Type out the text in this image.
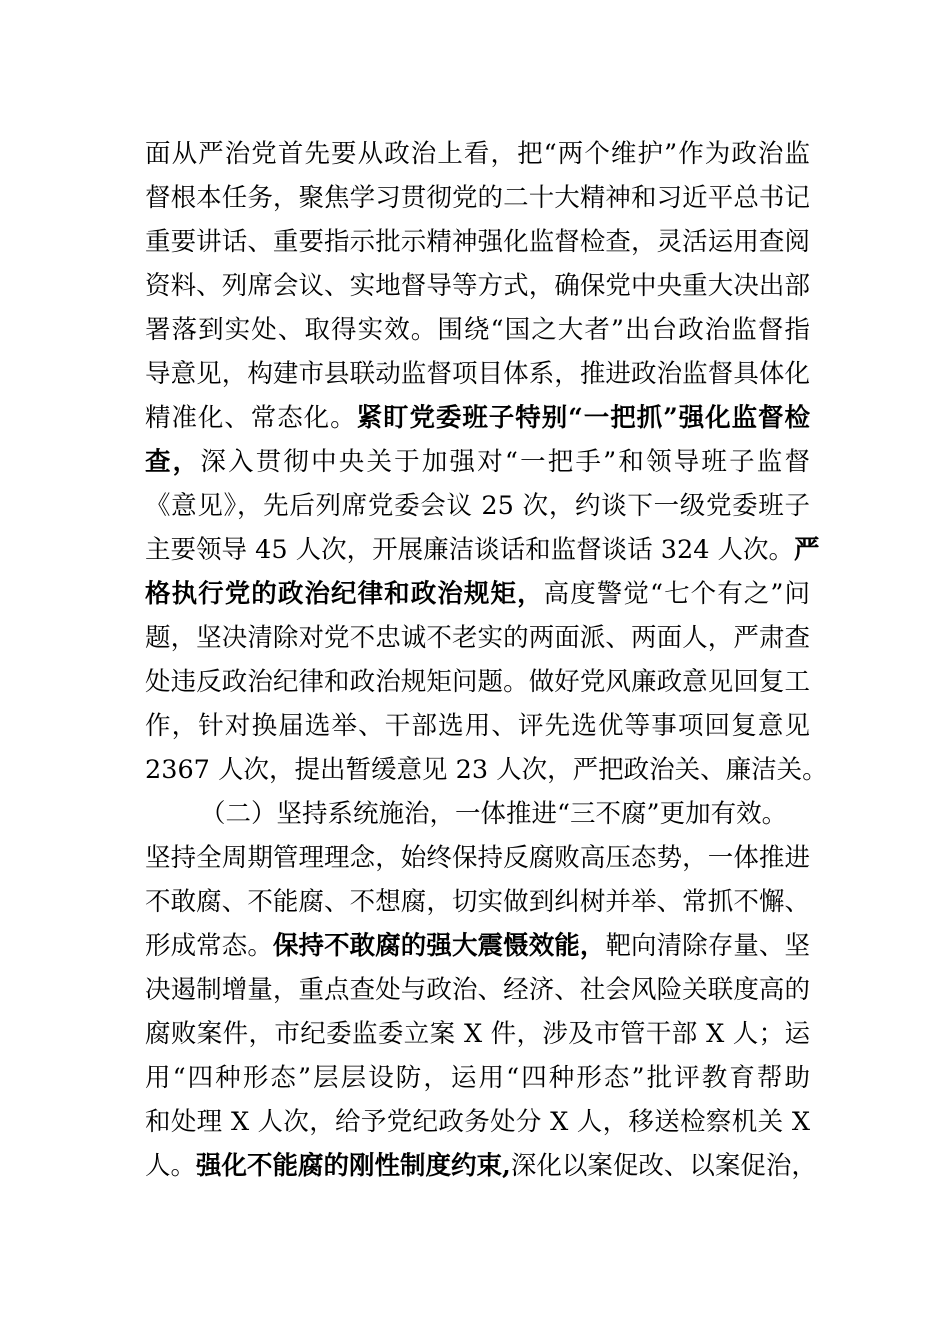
面从严治党首先要从政治上看，把“两个维护”作为政治监
督根本任务，聚焦学习贯彻党的二十大精神和习近平总书记
重要讲话、重要指示批示精神强化监督检查，灵活运用查阅
资料、列席会议、实地督导等方式，确保党中央重大决出部
署落到实处、取得实效。围绕“国之大者”出台政治监督指
导意见，构建市县联动监督项目体系，推进政治监督具体化
精准化、常态化。紧盯党委班子特别“一把抓”强化监督检
查，深入贯彻中央关于加强对“一把手”和领导班子监督
《意见》，先后列席党委会议 25 次，约谈下一级党委班子
主要领导 45 人次，开展廉洁谈话和监督谈话 324 人次。严
格执行党的政治纪律和政治规矩，高度警觉“七个有之”问
题，坚决清除对党不忠诚不老实的两面派、两面人，严肃查
处违反政治纪律和政治规矩问题。做好党风廉政意见回复工
作，针对换届选举、干部选用、评先选优等事项回复意见
2367 人次，提出暂缓意见 23 人次，严把政治关、廉洁关。
（二）坚持系统施治，一体推进“三不腐”更加有效。
坚持全周期管理理念，始终保持反腐败高压态势，一体推进
不敢腐、不能腐、不想腐，切实做到纠树并举、常抓不懈、
形成常态。保持不敢腐的强大震慑效能，靶向清除存量、坚
决遏制增量，重点查处与政治、经济、社会风险关联度高的
腐败案件，市纪委监委立案 X 件，涉及市管干部 X 人；运
用“四种形态”层层设防，运用“四种形态”批评教育帮助
和处理 X 人次，给予党纪政务处分 X 人，移送检察机关 X
人。强化不能腐的刚性制度约束,深化以案促改、以案促治，
